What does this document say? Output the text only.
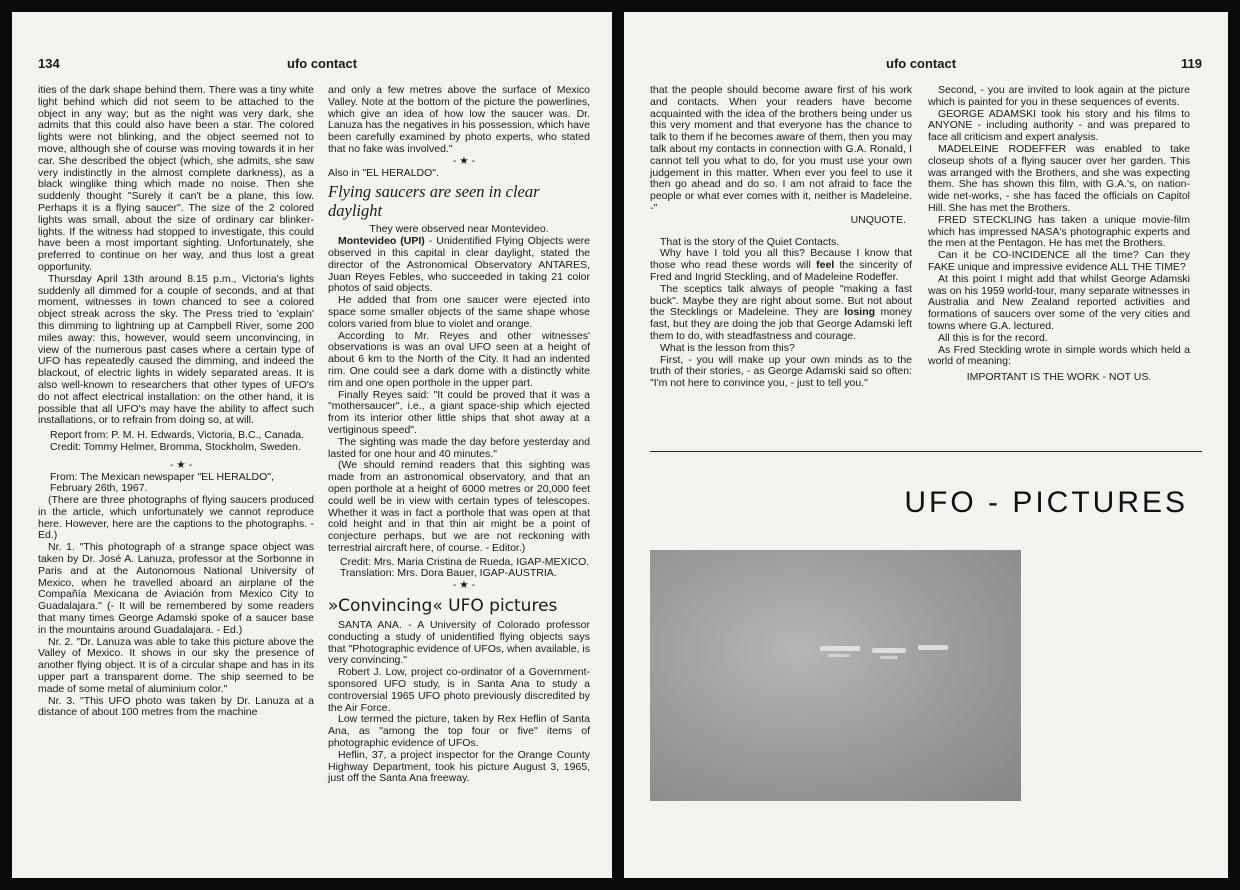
134	ufo contact

ities of the dark shape behind them. There was a tiny white light behind which did not seem to be attached to the object in any way; but as the night was very dark, she admits that this could also have been a star. The colored lights were not blinking, and the object seemed not to move, although she of course was moving towards it in her car. She described the object (which, she admits, she saw very indistinctly in the almost complete darkness), as a black winglike thing which made no noise. Then she suddenly thought "Surely it can't be a plane, this low. Perhaps it is a flying saucer". The size of the 2 colored lights was small, about the size of ordinary car blinker-lights. If the witness had stopped to investigate, this could have been a most important sighting. Unfortunately, she preferred to continue on her way, and thus lost a great opportunity.

Thursday April 13th around 8.15 p.m., Victoria's lights suddenly all dimmed for a couple of seconds, and at that moment, witnesses in town chanced to see a colored object streak across the sky. The Press tried to 'explain' this dimming to lightning up at Campbell River, some 200 miles away: this, however, would seem unconvincing, in view of the numerous past cases where a certain type of UFO has repeatedly caused the dimming, and indeed the blackout, of electric lights in widely separated areas. It is also well-known to researchers that other types of UFO's do not affect electrical installation: on the other hand, it is possible that all UFO's may have the ability to affect such installations, or to refrain from doing so, at will.

Report from: P. M. H. Edwards, Victoria, B.C., Canada.

Credit: Tommy Helmer, Bromma, Stockholm, Sweden.

- ★ -

From: The Mexican newspaper "EL HERALDO", February 26th, 1967.

(There are three photographs of flying saucers produced in the article, which unfortunately we cannot reproduce here. However, here are the captions to the photographs. - Ed.)

Nr. 1. "This photograph of a strange space object was taken by Dr. José A. Lanuza, professor at the Sorbonne in Paris and at the Autonomous National University of Mexico, when he travelled aboard an airplane of the Compañía Mexicana de Aviación from Mexico City to Guadalajara." (- It will be remembered by some readers that many times George Adamski spoke of a saucer base in the mountains around Guadalajara. - Ed.)

Nr. 2. "Dr. Lanuza was able to take this picture above the Valley of Mexico. It shows in our sky the presence of another flying object. It is of a circular shape and has in its upper part a transparent dome. The ship seemed to be made of some metal of aluminium color."

Nr. 3. "This UFO photo was taken by Dr. Lanuza at a distance of about 100 metres from the machine

and only a few metres above the surface of Mexico Valley. Note at the bottom of the picture the powerlines, which give an idea of how low the saucer was. Dr. Lanuza has the negatives in his possession, which have been carefully examined by photo experts, who stated that no fake was involved."

- ★ -

Also in "EL HERALDO".

Flying saucers are seen in clear daylight

They were observed near Montevideo.

Montevideo (UPI) - Unidentified Flying Objects were observed in this capital in clear daylight, stated the director of the Astronomical Observatory ANTARES, Juan Reyes Febles, who succeeded in taking 21 color photos of said objects.

He added that from one saucer were ejected into space some smaller objects of the same shape whose colors varied from blue to violet and orange.

According to Mr. Reyes and other witnesses' observations is was an oval UFO seen at a height of about 6 km to the North of the City. It had an indented rim. One could see a dark dome with a distinctly white rim and one open porthole in the upper part.

Finally Reyes said: "It could be proved that it was a "mothersaucer", i.e., a giant space-ship which ejected from its interior other little ships that shot away at a vertiginous speed".

The sighting was made the day before yesterday and lasted for one hour and 40 minutes."

(We should remind readers that this sighting was made from an astronomical observatory, and that an open porthole at a height of 6000 metres or 20,000 feet could well be in view with certain types of telescopes. Whether it was in fact a porthole that was open at that cold height and in that thin air might be a point of conjecture perhaps, but we are not reckoning with terrestrial aircraft here, of course. - Editor.)

Credit: Mrs. Maria Cristina de Rueda, IGAP-MEXICO.

Translation: Mrs. Dora Bauer, IGAP-AUSTRIA.

- ★ -

»Convincing« UFO pictures

SANTA ANA. - A University of Colorado professor conducting a study of unidentified flying objects says that "Photographic evidence of UFOs, when available, is very convincing."

Robert J. Low, project co-ordinator of a Government-sponsored UFO study, is in Santa Ana to study a controversial 1965 UFO photo previously discredited by the Air Force.

Low termed the picture, taken by Rex Heflin of Santa Ana, as "among the top four or five" items of photographic evidence of UFOs.

Heflin, 37, a project inspector for the Orange County Highway Department, took his picture August 3, 1965, just off the Santa Ana freeway.

ufo contact	119

that the people should become aware first of his work and contacts. When your readers have become acquainted with the idea of the brothers being under us this very moment and that everyone has the chance to talk to them if he becomes aware of them, then you may talk about my contacts in connection with G.A. Ronald, I cannot tell you what to do, for you must use your own judgement in this matter. When ever you feel to use it then go ahead and do so. I am not afraid to face the people or what ever comes with it, neither is Madeleine. -"

UNQUOTE.

That is the story of the Quiet Contacts.

Why have I told you all this? Because I know that those who read these words will feel the sincerity of Fred and Ingrid Steckling, and of Madeleine Rodeffer.

The sceptics talk always of people "making a fast buck". Maybe they are right about some. But not about the Stecklings or Madeleine. They are losing money fast, but they are doing the job that George Adamski left them to do, with steadfastness and courage.

What is the lesson from this?

First, - you will make up your own minds as to the truth of their stories, - as George Adamski said so often: "I'm not here to convince you, - just to tell you."

Second, - you are invited to look again at the picture which is painted for you in these sequences of events.

GEORGE ADAMSKI took his story and his films to ANYONE - including authority - and was prepared to face all criticism and expert analysis.

MADELEINE RODEFFER was enabled to take closeup shots of a flying saucer over her garden. This was arranged with the Brothers, and she was expecting them. She has shown this film, with G.A.'s, on nation-wide net-works, - she has faced the officials on Capitol Hill. She has met the Brothers.

FRED STECKLING has taken a unique movie-film which has impressed NASA's photographic experts and the men at the Pentagon. He has met the Brothers.

Can it be CO-INCIDENCE all the time? Can they FAKE unique and impressive evidence ALL THE TIME?

At this point I might add that whilst George Adamski was on his 1959 world-tour, many separate witnesses in Australia and New Zealand reported activities and formations of saucers over some of the very cities and towns where G.A. lectured.

All this is for the record.

As Fred Steckling wrote in simple words which held a world of meaning:

IMPORTANT IS THE WORK - NOT US.

UFO - PICTURES
